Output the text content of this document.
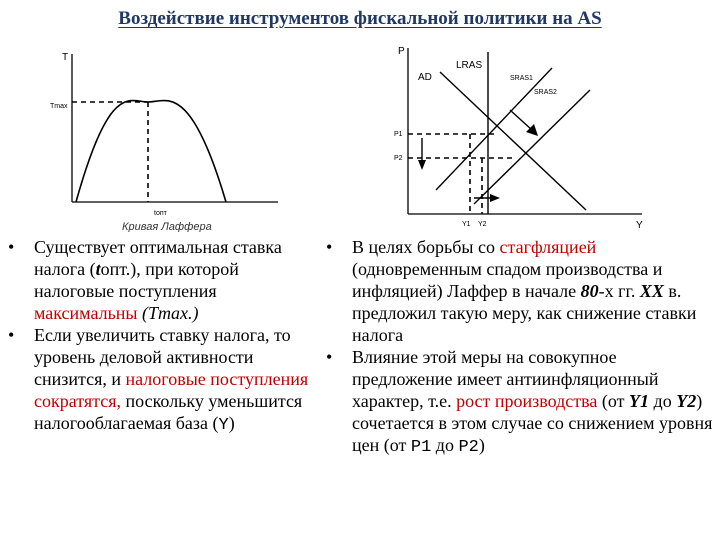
Воздействие инструментов фискальной политики на AS
T
Tmax
tопт
Кривая Лаффера
P
Y
AD
LRAS
SRAS1
SRAS2
P1
P2
Y1 Y2
• Существует оптимальная ставка налога (tопт.), при которой налоговые поступления максимальны (Tmax.)
• Если увеличить ставку налога, то уровень деловой активности снизится, и налоговые поступления сократятся, поскольку уменьшится налогооблагаемая база (Y)
• В целях борьбы со стагфляцией (одновременным спадом производства и инфляцией) Лаффер в начале 80-х гг. XX в. предложил такую меру, как снижение ставки налога
• Влияние этой меры на совокупное предложение имеет антиинфляционный характер, т.е. рост производства (от Y1 до Y2) сочетается в этом случае со снижением уровня цен (от P1 до P2)
